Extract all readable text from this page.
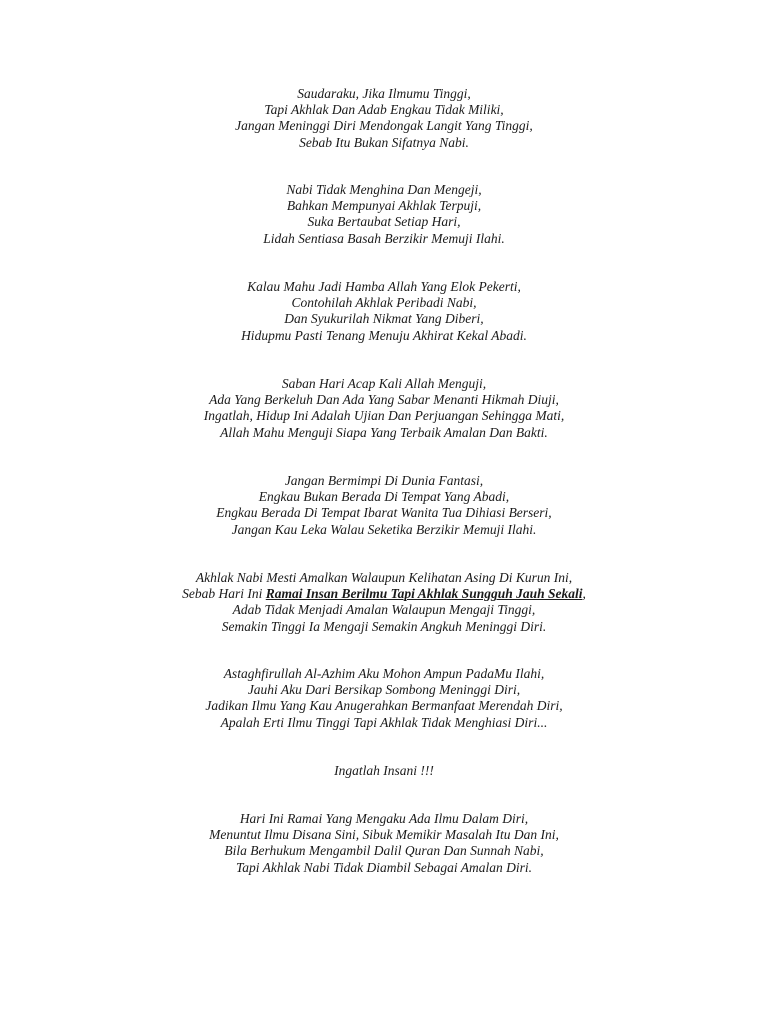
Saudaraku, Jika Ilmumu Tinggi,
Tapi Akhlak Dan Adab Engkau Tidak Miliki,
Jangan Meninggi Diri Mendongak Langit Yang Tinggi,
Sebab Itu Bukan Sifatnya Nabi.
Nabi Tidak Menghina Dan Mengeji,
Bahkan Mempunyai Akhlak Terpuji,
Suka Bertaubat Setiap Hari,
Lidah Sentiasa Basah Berzikir Memuji Ilahi.
Kalau Mahu Jadi Hamba Allah Yang Elok Pekerti,
Contohilah Akhlak Peribadi Nabi,
Dan Syukurilah Nikmat Yang Diberi,
Hidupmu Pasti Tenang Menuju Akhirat Kekal Abadi.
Saban Hari Acap Kali Allah Menguji,
Ada Yang Berkeluh Dan Ada Yang Sabar Menanti Hikmah Diuji,
Ingatlah, Hidup Ini Adalah Ujian Dan Perjuangan Sehingga Mati,
Allah Mahu Menguji Siapa Yang Terbaik Amalan Dan Bakti.
Jangan Bermimpi Di Dunia Fantasi,
Engkau Bukan Berada Di Tempat Yang Abadi,
Engkau Berada Di Tempat Ibarat Wanita Tua Dihiasi Berseri,
Jangan Kau Leka Walau Seketika Berzikir Memuji Ilahi.
Akhlak Nabi Mesti Amalkan Walaupun Kelihatan Asing Di Kurun Ini,
Sebab Hari Ini Ramai Insan Berilmu Tapi Akhlak Sungguh Jauh Sekali,
Adab Tidak Menjadi Amalan Walaupun Mengaji Tinggi,
Semakin Tinggi Ia Mengaji Semakin Angkuh Meninggi Diri.
Astaghfirullah Al-Azhim Aku Mohon Ampun PadaMu Ilahi,
Jauhi Aku Dari Bersikap Sombong Meninggi Diri,
Jadikan Ilmu Yang Kau Anugerahkan Bermanfaat Merendah Diri,
Apalah Erti Ilmu Tinggi Tapi Akhlak Tidak Menghiasi Diri...
Ingatlah Insani !!!
Hari Ini Ramai Yang Mengaku Ada Ilmu Dalam Diri,
Menuntut Ilmu Disana Sini, Sibuk Memikir Masalah Itu Dan Ini,
Bila Berhukum Mengambil Dalil Quran Dan Sunnah Nabi,
Tapi Akhlak Nabi Tidak Diambil Sebagai Amalan Diri.
